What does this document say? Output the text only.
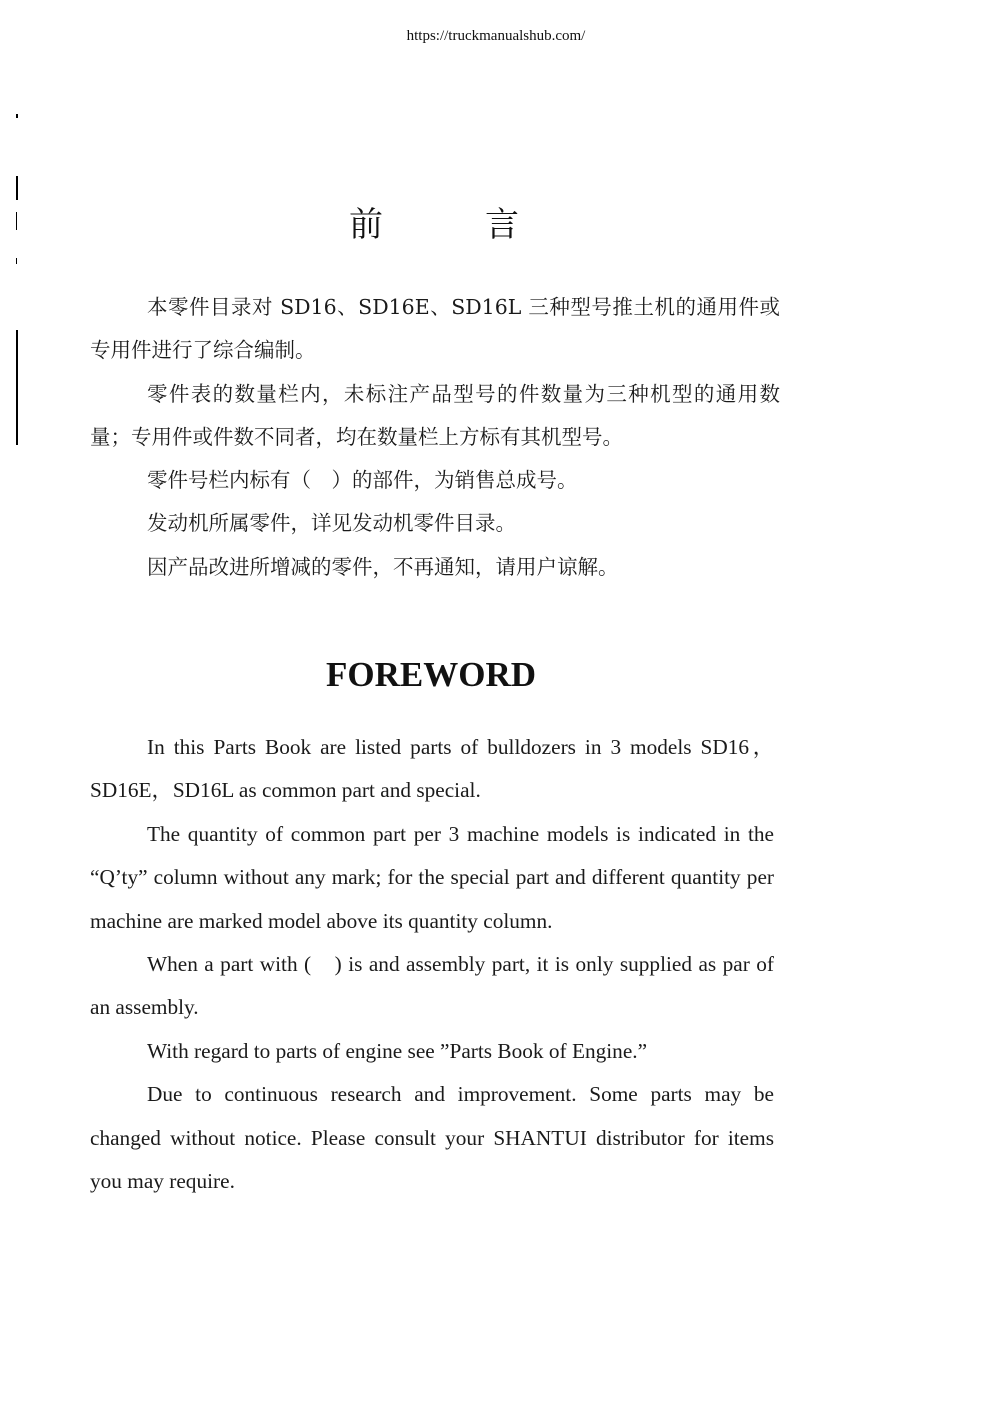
https://truckmanualshub.com/
前	言

本零件目录对 SD16、SD16E、SD16L 三种型号推土机的通用件或专用件进行了综合编制。

零件表的数量栏内，未标注产品型号的件数量为三种机型的通用数量；专用件或件数不同者，均在数量栏上方标有其机型号。

零件号栏内标有（　）的部件，为销售总成号。

发动机所属零件，详见发动机零件目录。

因产品改进所增减的零件，不再通知，请用户谅解。

FOREWORD

In this Parts Book are listed parts of bulldozers in 3 models SD16，SD16E，SD16L as common part and special.

The quantity of common part per 3 machine models is indicated in the “Q’ty” column without any mark; for the special part and different quantity per machine are marked model above its quantity column.

When a part with (　) is and assembly part, it is only supplied as par of an assembly.

With regard to parts of engine see ”Parts Book of Engine.”

Due to continuous research and improvement. Some parts may be changed without notice. Please consult your SHANTUI distributor for items you may require.
